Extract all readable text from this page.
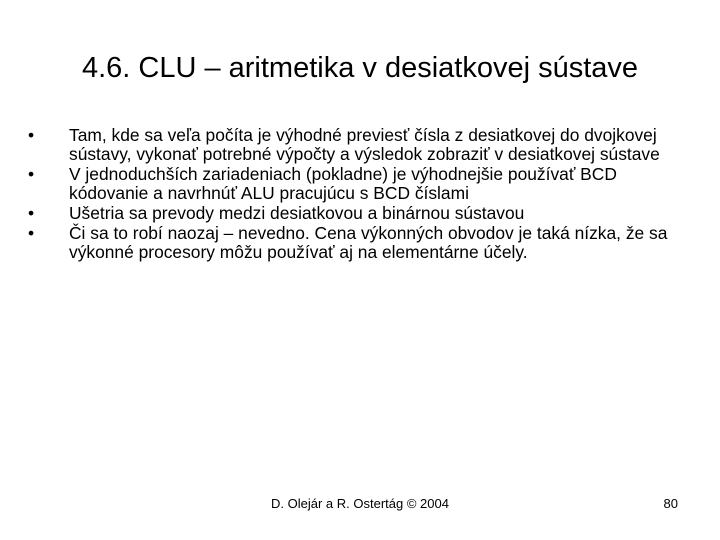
4.6. CLU – aritmetika v desiatkovej sústave
•	Tam, kde sa veľa počíta je výhodné previesť čísla z desiatkovej do dvojkovej sústavy, vykonať potrebné výpočty a výsledok zobraziť v desiatkovej sústave
•	V jednoduchších zariadeniach (pokladne) je výhodnejšie používať BCD kódovanie a navrhnúť ALU pracujúcu s BCD číslami
•	Ušetria sa prevody medzi desiatkovou a binárnou sústavou
•	Či sa to robí naozaj – nevedno. Cena výkonných obvodov je taká nízka, že sa výkonné procesory môžu používať aj na elementárne účely.
D. Olejár a R. Ostertág © 2004	80
